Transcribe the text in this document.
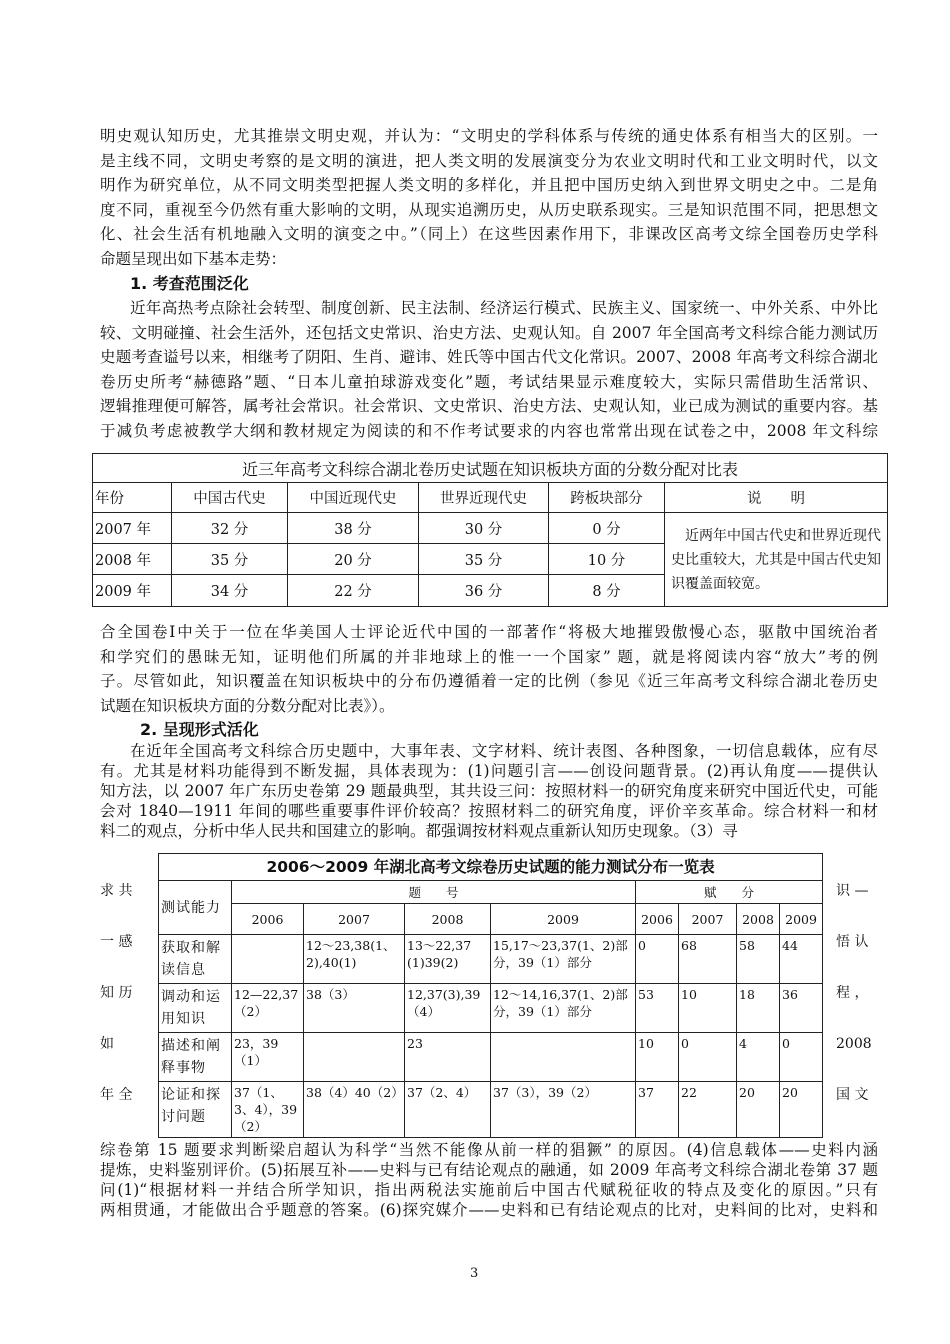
明史观认知历史，尤其推崇文明史观，并认为：“文明史的学科体系与传统的通史体系有相当大的区别。一
是主线不同，文明史考察的是文明的演进，把人类文明的发展演变分为农业文明时代和工业文明时代，以文
明作为研究单位，从不同文明类型把握人类文明的多样化，并且把中国历史纳入到世界文明史之中。二是角
度不同，重视至今仍然有重大影响的文明，从现实追溯历史，从历史联系现实。三是知识范围不同，把思想文
化、社会生活有机地融入文明的演变之中。”（同上）在这些因素作用下，非课改区高考文综全国卷历史学科
命题呈现出如下基本走势：
1. 考查范围泛化
近年高热考点除社会转型、制度创新、民主法制、经济运行模式、民族主义、国家统一、中外关系、中外比
较、文明碰撞、社会生活外，还包括文史常识、治史方法、史观认知。自 2007 年全国高考文科综合能力测试历
史题考查谥号以来，相继考了阴阳、生肖、避讳、姓氏等中国古代文化常识。2007、2008 年高考文科综合湖北
卷历史所考“赫德路”题、“日本儿童拍球游戏变化”题，考试结果显示难度较大，实际只需借助生活常识、
逻辑推理便可解答，属考社会常识。社会常识、文史常识、治史方法、史观认知，业已成为测试的重要内容。基
于减负考虑被教学大纲和教材规定为阅读的和不作考试要求的内容也常常出现在试卷之中，2008 年文科综
近三年高考文科综合湖北卷历史试题在知识板块方面的分数分配对比表					
年份	中国古代史	中国近现代史	世界近现代史	跨板块部分	说　　明
2007 年	32 分	38 分	30 分	0 分	　近两年中国古代史和世界近现代史比重较大，尤其是中国古代史知识覆盖面较宽。
2008 年	35 分	20 分	35 分	10 分	
2009 年	34 分	22 分	36 分	8 分	
合全国卷Ⅰ中关于一位在华美国人士评论近代中国的一部著作“将极大地摧毁傲慢心态，驱散中国统治者
和学究们的愚昧无知，证明他们所属的并非地球上的惟一一个国家” 题，就是将阅读内容“放大”考的例
子。尽管如此，知识覆盖在知识板块中的分布仍遵循着一定的比例（参见《近三年高考文科综合湖北卷历史
试题在知识板块方面的分数分配对比表》）。
2. 呈现形式活化
在近年全国高考文科综合历史题中，大事年表、文字材料、统计表图、各种图象，一切信息载体，应有尽
有。尤其是材料功能得到不断发掘，具体表现为：(1)问题引言——创设问题背景。(2)再认角度——提供认
知方法，以 2007 年广东历史卷第 29 题最典型，其共设三问：按照材料一的研究角度来研究中国近代史，可能
会对 1840—1911 年间的哪些重要事件评价较高？按照材料二的研究角度，评价辛亥革命。综合材料一和材
料二的观点，分析中华人民共和国建立的影响。都强调按材料观点重新认知历史现象。（3）寻
2006～2009 年湖北高考文综卷历史试题的能力测试分布一览表								
测试能力	题　　号				赋　　分			
	2006	2007	2008	2009	2006	2007	2008	2009
获取和解读信息		12～23,38(1、2),40(1)	13～22,37(1)39(2)	15,17～23,37(1、2)部分，39（1）部分	0	68	58	44
调动和运用知识	12—22,37（2）	38（3）	12,37(3),39（4）	12～14,16,37(1、2)部分，39（1）部分	53	10	18	36
描述和阐释事物	23，39（1）		23		10	0	4	0
论证和探讨问题	37（1、3、4），39（2）	38（4）40（2）	37（2、4）	37（3），39（2）	37	22	20	20

求 共

一 感

知 历

如

年 全

识 —

悟 认

程 ，

2008

国 文

综卷第 15 题要求判断梁启超认为科学“当然不能像从前一样的猖獗” 的原因。(4)信息载体——史料内涵
提炼，史料鉴别评价。(5)拓展互补——史料与已有结论观点的融通，如 2009 年高考文科综合湖北卷第 37 题
问(1)“根据材料一并结合所学知识，指出两税法实施前后中国古代赋税征收的特点及变化的原因。”只有
两相贯通，才能做出合乎题意的答案。(6)探究媒介——史料和已有结论观点的比对，史料间的比对，史料和
3
